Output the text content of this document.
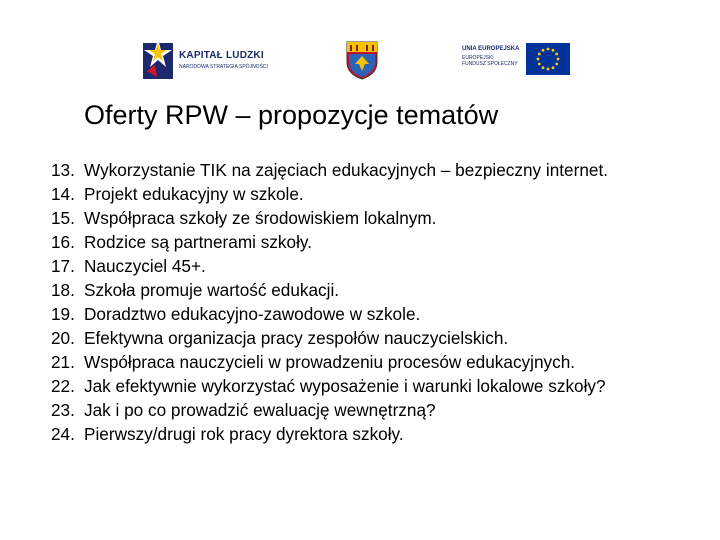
KAPITAŁ LUDZKI
NARODOWA STRATEGIA SPÓJNOŚCI
UNIA EUROPEJSKA
EUROPEJSKI
FUNDUSZ SPOŁECZNY
Oferty RPW – propozycje tematów
13. Wykorzystanie TIK na zajęciach edukacyjnych – bezpieczny internet.
14. Projekt edukacyjny w szkole.
15. Współpraca szkoły ze środowiskiem lokalnym.
16. Rodzice są partnerami szkoły.
17. Nauczyciel 45+.
18. Szkoła promuje wartość edukacji.
19. Doradztwo edukacyjno-zawodowe w szkole.
20. Efektywna organizacja pracy zespołów nauczycielskich.
21. Współpraca nauczycieli w prowadzeniu procesów edukacyjnych.
22. Jak efektywnie wykorzystać wyposażenie i warunki lokalowe szkoły?
23. Jak i po co prowadzić ewaluację wewnętrzną?
24. Pierwszy/drugi rok pracy dyrektora szkoły.
